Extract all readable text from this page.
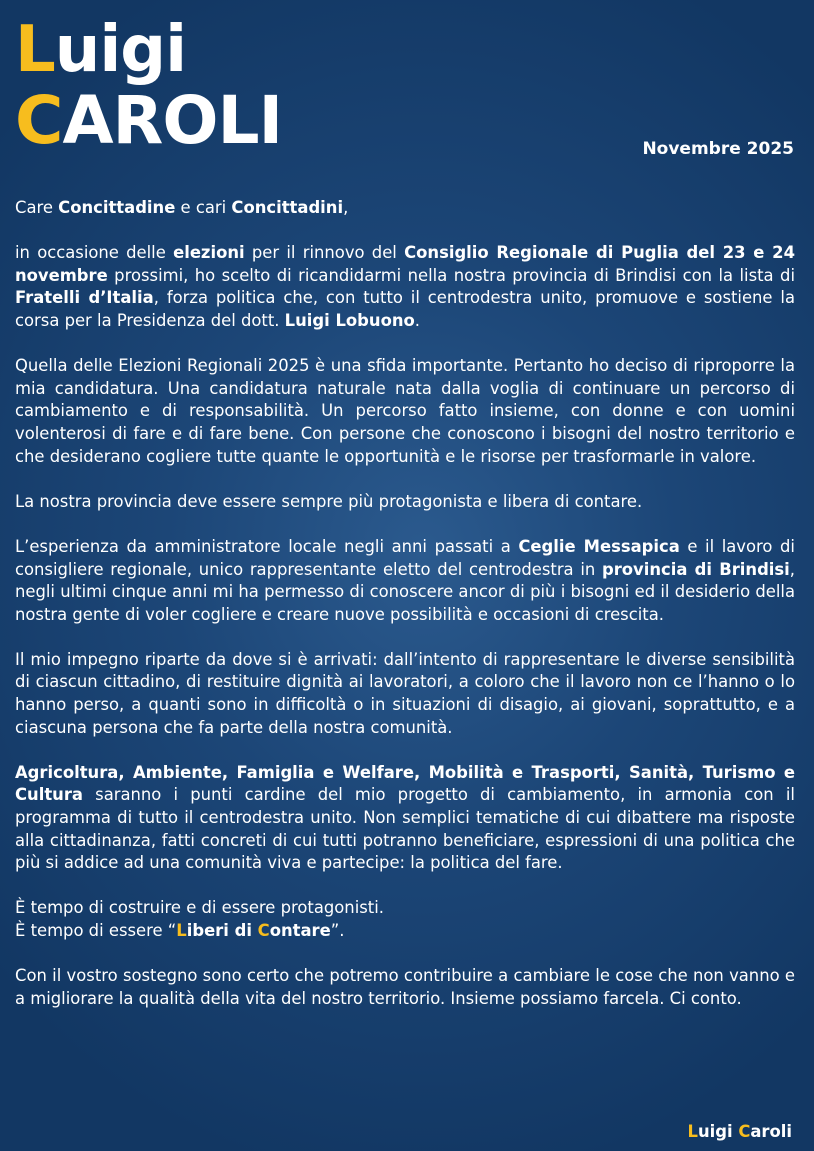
Luigi
CAROLI	Novembre 2025

Care Concittadine e cari Concittadini,

in occasione delle elezioni per il rinnovo del Consiglio Regionale di Puglia del 23 e 24 novembre prossimi, ho scelto di ricandidarmi nella nostra provincia di Brindisi con la lista di Fratelli d’Italia, forza politica che, con tutto il centrodestra unito, promuove e sostiene la corsa per la Presidenza del dott. Luigi Lobuono.

Quella delle Elezioni Regionali 2025 è una sfida importante. Pertanto ho deciso di riproporre la mia candidatura. Una candidatura naturale nata dalla voglia di continuare un percorso di cambiamento e di responsabilità. Un percorso fatto insieme, con donne e con uomini volenterosi di fare e di fare bene. Con persone che conoscono i bisogni del nostro territorio e che desiderano cogliere tutte quante le opportunità e le risorse per trasformarle in valore.

La nostra provincia deve essere sempre più protagonista e libera di contare.

L’esperienza da amministratore locale negli anni passati a Ceglie Messapica e il lavoro di consigliere regionale, unico rappresentante eletto del centrodestra in provincia di Brindisi, negli ultimi cinque anni mi ha permesso di conoscere ancor di più i bisogni ed il desiderio della nostra gente di voler cogliere e creare nuove possibilità e occasioni di crescita.

Il mio impegno riparte da dove si è arrivati: dall’intento di rappresentare le diverse sensibilità di ciascun cittadino, di restituire dignità ai lavoratori, a coloro che il lavoro non ce l’hanno o lo hanno perso, a quanti sono in difficoltà o in situazioni di disagio, ai giovani, soprattutto, e a ciascuna persona che fa parte della nostra comunità.

Agricoltura, Ambiente, Famiglia e Welfare, Mobilità e Trasporti, Sanità, Turismo e Cultura saranno i punti cardine del mio progetto di cambiamento, in armonia con il programma di tutto il centrodestra unito. Non semplici tematiche di cui dibattere ma risposte alla cittadinanza, fatti concreti di cui tutti potranno beneficiare, espressioni di una politica che più si addice ad una comunità viva e partecipe: la politica del fare.

È tempo di costruire e di essere protagonisti.
È tempo di essere “Liberi di Contare”.

Con il vostro sostegno sono certo che potremo contribuire a cambiare le cose che non vanno e a migliorare la qualità della vita del nostro territorio. Insieme possiamo farcela. Ci conto.

Luigi Caroli
